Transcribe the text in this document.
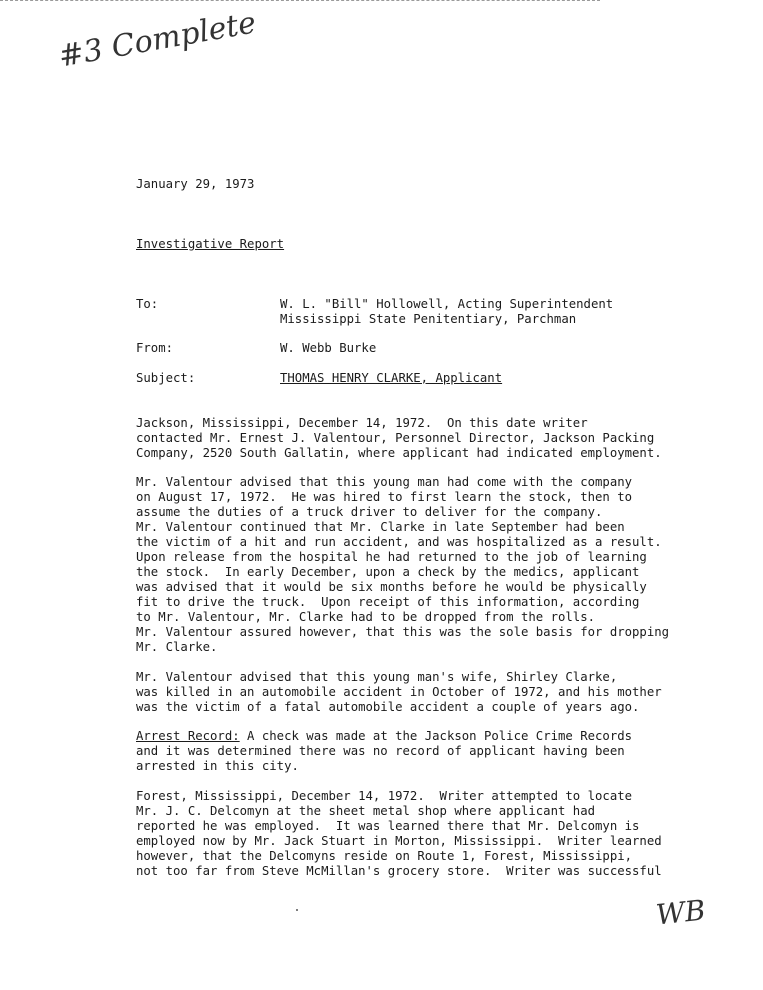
#3 Complete
January 29, 1973
Investigative Report
To:	W. L. "Bill" Hollowell, Acting Superintendent
Mississippi State Penitentiary, Parchman
From:	W. Webb Burke
Subject:	THOMAS HENRY CLARKE, Applicant
Jackson, Mississippi, December 14, 1972.  On this date writer
contacted Mr. Ernest J. Valentour, Personnel Director, Jackson Packing
Company, 2520 South Gallatin, where applicant had indicated employment.
Mr. Valentour advised that this young man had come with the company
on August 17, 1972.  He was hired to first learn the stock, then to
assume the duties of a truck driver to deliver for the company.
Mr. Valentour continued that Mr. Clarke in late September had been
the victim of a hit and run accident, and was hospitalized as a result.
Upon release from the hospital he had returned to the job of learning
the stock.  In early December, upon a check by the medics, applicant
was advised that it would be six months before he would be physically
fit to drive the truck.  Upon receipt of this information, according
to Mr. Valentour, Mr. Clarke had to be dropped from the rolls.
Mr. Valentour assured however, that this was the sole basis for dropping
Mr. Clarke.
Mr. Valentour advised that this young man's wife, Shirley Clarke,
was killed in an automobile accident in October of 1972, and his mother
was the victim of a fatal automobile accident a couple of years ago.
Arrest Record: A check was made at the Jackson Police Crime Records
and it was determined there was no record of applicant having been
arrested in this city.
Forest, Mississippi, December 14, 1972.  Writer attempted to locate
Mr. J. C. Delcomyn at the sheet metal shop where applicant had
reported he was employed.  It was learned there that Mr. Delcomyn is
employed now by Mr. Jack Stuart in Morton, Mississippi.  Writer learned
however, that the Delcomyns reside on Route 1, Forest, Mississippi,
not too far from Steve McMillan's grocery store.  Writer was successful
WB
